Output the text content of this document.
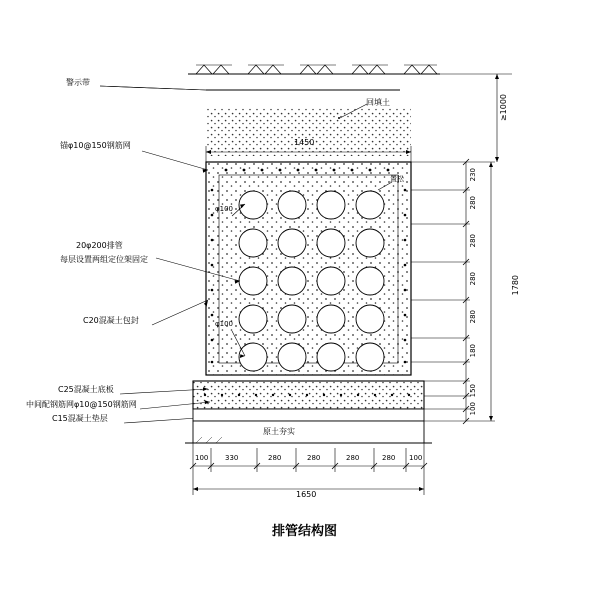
警示带
回填土
锚φ10@150钢筋网
20φ200排管
每层设置两组定位架固定
C20混凝土包封
C25混凝土底板
中间配钢筋网φ10@150钢筋网
C15混凝土垫层
原土夯实
置松
φ100
φ100
1450
1650
100 330	280	280	280	280 100
230
280
280
280
280
180
150
100
1780
≥1000
排管结构图
